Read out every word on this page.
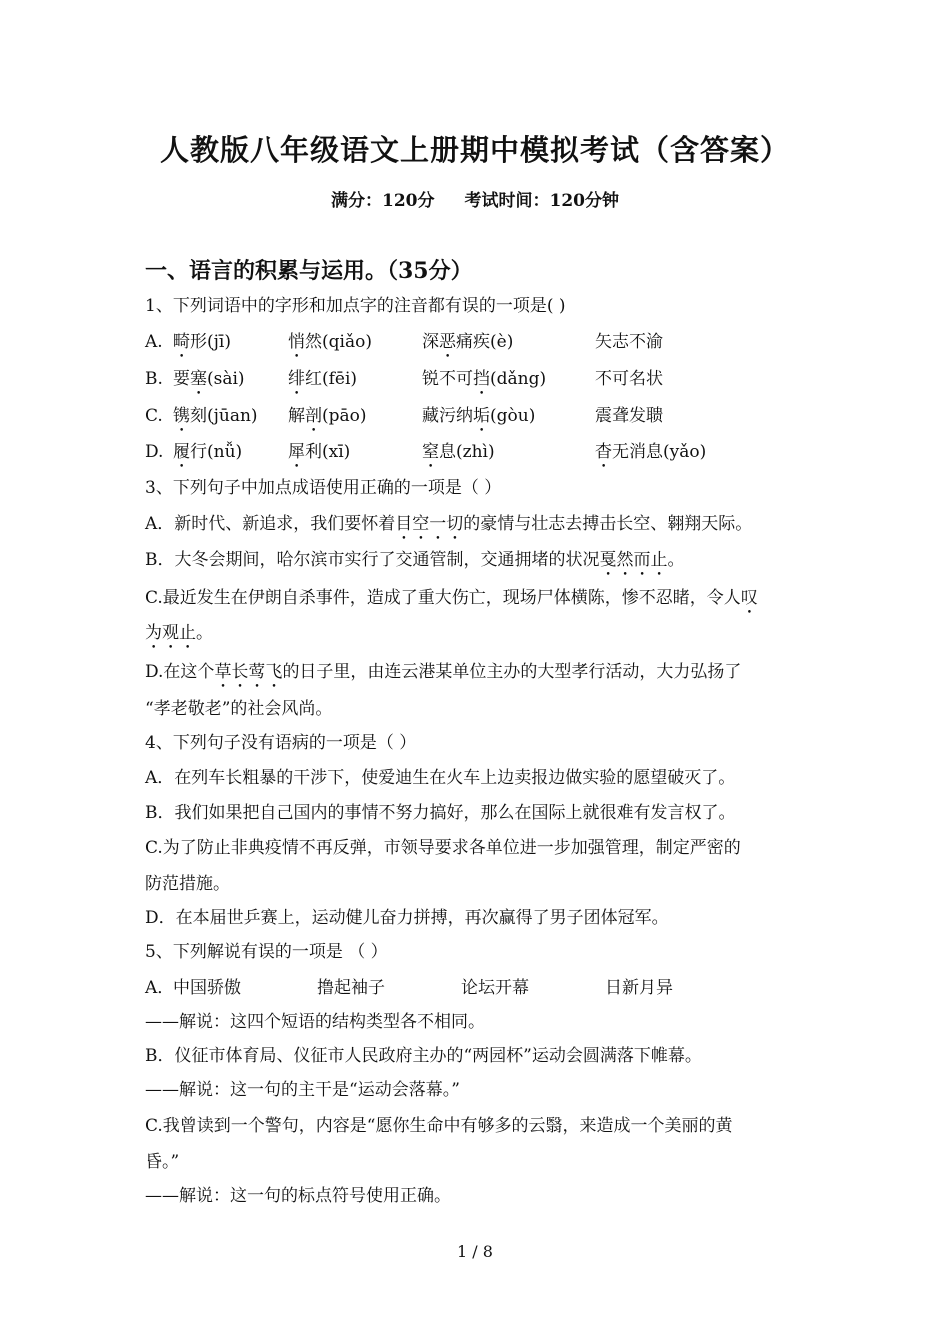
人教版八年级语文上册期中模拟考试（含答案）
满分：120分 考试时间：120分钟
一、语言的积累与运用。（35分）
1、下列词语中的字形和加点字的注音都有误的一项是( )
A. 畸形(jī)	悄然(qiǎo)	深恶痛疾(è)	矢志不渝
B. 要塞(sài)	绯红(fēi)	锐不可挡(dǎng)	不可名状
C. 镌刻(jūan) 解剖(pāo)	藏污纳垢(gòu)	震聋发聩
D. 履行(nǚ)	犀利(xī)	窒息(zhì)	杳无消息(yǎo)
3、下列句子中加点成语使用正确的一项是（ ）
A．新时代、新追求，我们要怀着目空一切的豪情与壮志去搏击长空、翱翔天际。
B．大冬会期间，哈尔滨市实行了交通管制，交通拥堵的状况戛然而止。
C.最近发生在伊朗自杀事件，造成了重大伤亡，现场尸体横陈，惨不忍睹，令人叹
为观止。
D.在这个草长莺飞的日子里，由连云港某单位主办的大型孝行活动，大力弘扬了
“孝老敬老”的社会风尚。
4、下列句子没有语病的一项是（ ）
A．在列车长粗暴的干涉下，使爱迪生在火车上边卖报边做实验的愿望破灭了。
B．我们如果把自己国内的事情不努力搞好，那么在国际上就很难有发言权了。
C.为了防止非典疫情不再反弹，市领导要求各单位进一步加强管理，制定严密的
防范措施。
D．在本届世乒赛上，运动健儿奋力拼搏，再次赢得了男子团体冠军。
5、下列解说有误的一项是 （ ）
A．
中国骄傲	撸起袖子	论坛开幕	日新月异
——解说：这四个短语的结构类型各不相同。
B．仪征市体育局、仪征市人民政府主办的“两园杯”运动会圆满落下帷幕。
——解说：这一句的主干是“运动会落幕。”
C.我曾读到一个警句，内容是“愿你生命中有够多的云翳，来造成一个美丽的黄
昏。”
——解说：这一句的标点符号使用正确。
1 / 8
